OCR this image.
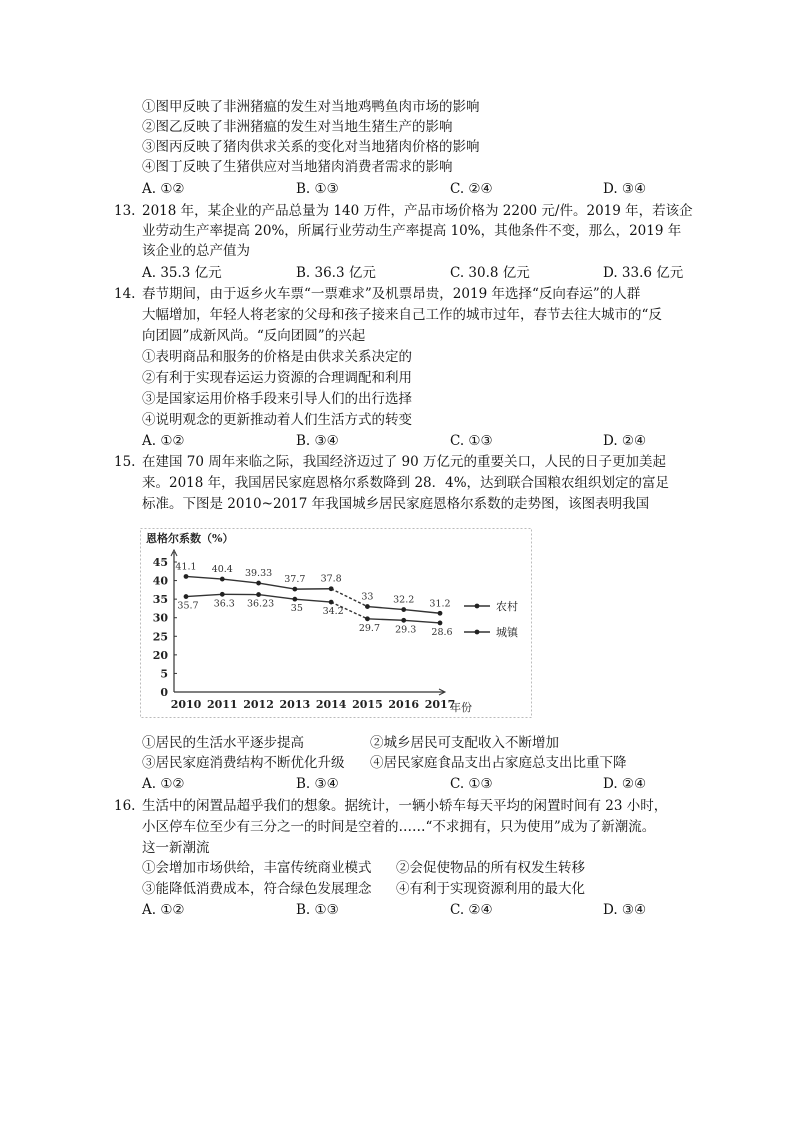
①图甲反映了非洲猪瘟的发生对当地鸡鸭鱼肉市场的影响
②图乙反映了非洲猪瘟的发生对当地生猪生产的影响
③图丙反映了猪肉供求关系的变化对当地猪肉价格的影响
④图丁反映了生猪供应对当地猪肉消费者需求的影响
A. ①②	B. ①③	C. ②④	D. ③④
13. 2018 年，某企业的产品总量为 140 万件，产品市场价格为 2200 元/件。2019 年，若该企
业劳动生产率提高 20%，所属行业劳动生产率提高 10%，其他条件不变，那么，2019 年
该企业的总产值为
A. 35.3 亿元	B. 36.3 亿元	C. 30.8 亿元	D. 33.6 亿元
14. 春节期间，由于返乡火车票“一票难求”及机票昂贵，2019 年选择“反向春运”的人群
大幅增加，年轻人将老家的父母和孩子接来自己工作的城市过年，春节去往大城市的“反
向团圆”成新风尚。“反向团圆”的兴起
①表明商品和服务的价格是由供求关系决定的
②有利于实现春运运力资源的合理调配和利用
③是国家运用价格手段来引导人们的出行选择
④说明观念的更新推动着人们生活方式的转变
A. ①②	B. ③④	C. ①③	D. ②④
15. 在建国 70 周年来临之际，我国经济迈过了 90 万亿元的重要关口，人民的日子更加美起
来。2018 年，我国居民家庭恩格尔系数降到 28．4%，达到联合国粮农组织划定的富足
标准。下图是 2010~2017 年我国城乡居民家庭恩格尔系数的走势图，该图表明我国
恩格尔系数（%）
年份
0
5
20
25
30
35
40
45
2010 2011 2012 2013 2014 2015 2016 2017
41.1 40.4 39.33
37.7 37.8
33 32.2 31.2
35.7 36.3 36.23 35 34.2
29.7 29.3 28.6
农村
城镇
①居民的生活水平逐步提高	②城乡居民可支配收入不断增加
③居民家庭消费结构不断优化升级 ④居民家庭食品支出占家庭总支出比重下降
A. ①②	B. ③④	C. ①③	D. ②④
16. 生活中的闲置品超乎我们的想象。据统计，一辆小轿车每天平均的闲置时间有 23 小时，
小区停车位至少有三分之一的时间是空着的……“不求拥有，只为使用”成为了新潮流。
这一新潮流
①会增加市场供给，丰富传统商业模式 ②会促使物品的所有权发生转移
③能降低消费成本，符合绿色发展理念 ④有利于实现资源利用的最大化
A. ①②	B. ①③	C. ②④	D. ③④
